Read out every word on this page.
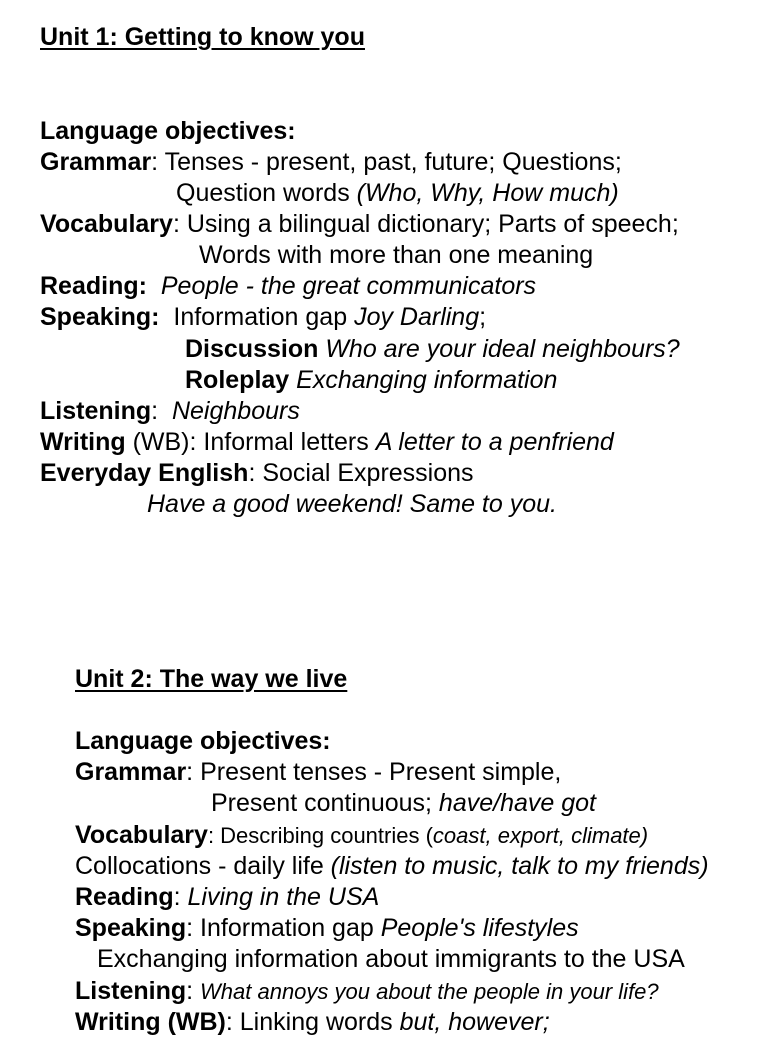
Unit 1: Getting to know you
Language objectives:
Grammar: Tenses - present, past, future; Questions;
Question words (Who, Why, How much)
Vocabulary: Using a bilingual dictionary; Parts of speech;
Words with more than one meaning
Reading: People - the great communicators
Speaking: Information gap Joy Darling;
Discussion Who are your ideal neighbours?
Roleplay Exchanging information
Listening: Neighbours
Writing (WB): Informal letters A letter to a penfriend
Everyday English: Social Expressions
Have a good weekend! Same to you.
Unit 2: The way we live
Language objectives:
Grammar: Present tenses - Present simple,
Present continuous; have/have got
Vocabulary: Describing countries (coast, export, climate)
Collocations - daily life (listen to music, talk to my friends)
Reading: Living in the USA
Speaking: Information gap People's lifestyles
Exchanging information about immigrants to the USA
Listening: What annoys you about the people in your life?
Writing (WB): Linking words but, however;
